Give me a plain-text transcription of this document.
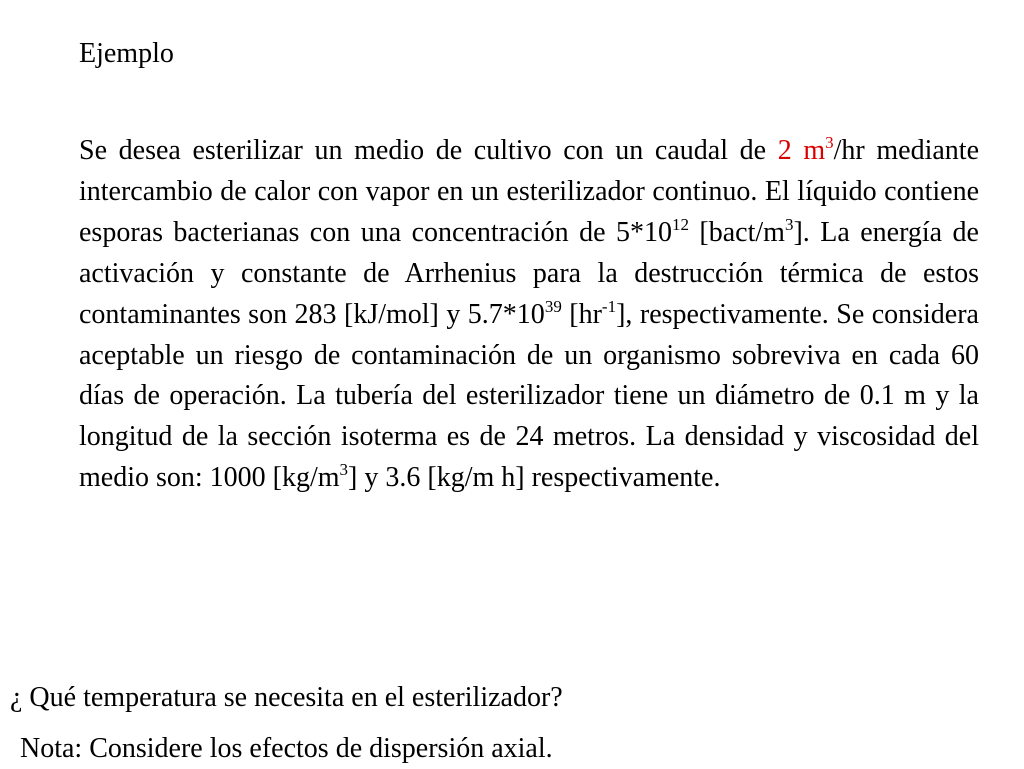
Ejemplo

Se desea esterilizar un medio de cultivo con un caudal de 2 $m^3/hr$ mediante intercambio de calor con vapor en un esterilizador continuo. El líquido contiene esporas bacterianas con una concentración de $5*10^{12}$ $[bact/m^3]$. La energía de activación y constante de Arrhenius para la destrucción térmica de estos contaminantes son 283 [kJ/mol] y $5.7*10^{39}$ $[hr^{-1}]$, respectivamente. Se considera aceptable un riesgo de contaminación de un organismo sobreviva en cada 60 días de operación. La tubería del esterilizador tiene un diámetro de 0.1 m y la longitud de la sección isoterma es de 24 metros. La densidad y viscosidad del medio son: 1000 $[kg/m^3]$ y 3.6 [kg/m h] respectivamente.

¿ Qué temperatura se necesita en el esterilizador?

Nota: Considere los efectos de dispersión axial.
